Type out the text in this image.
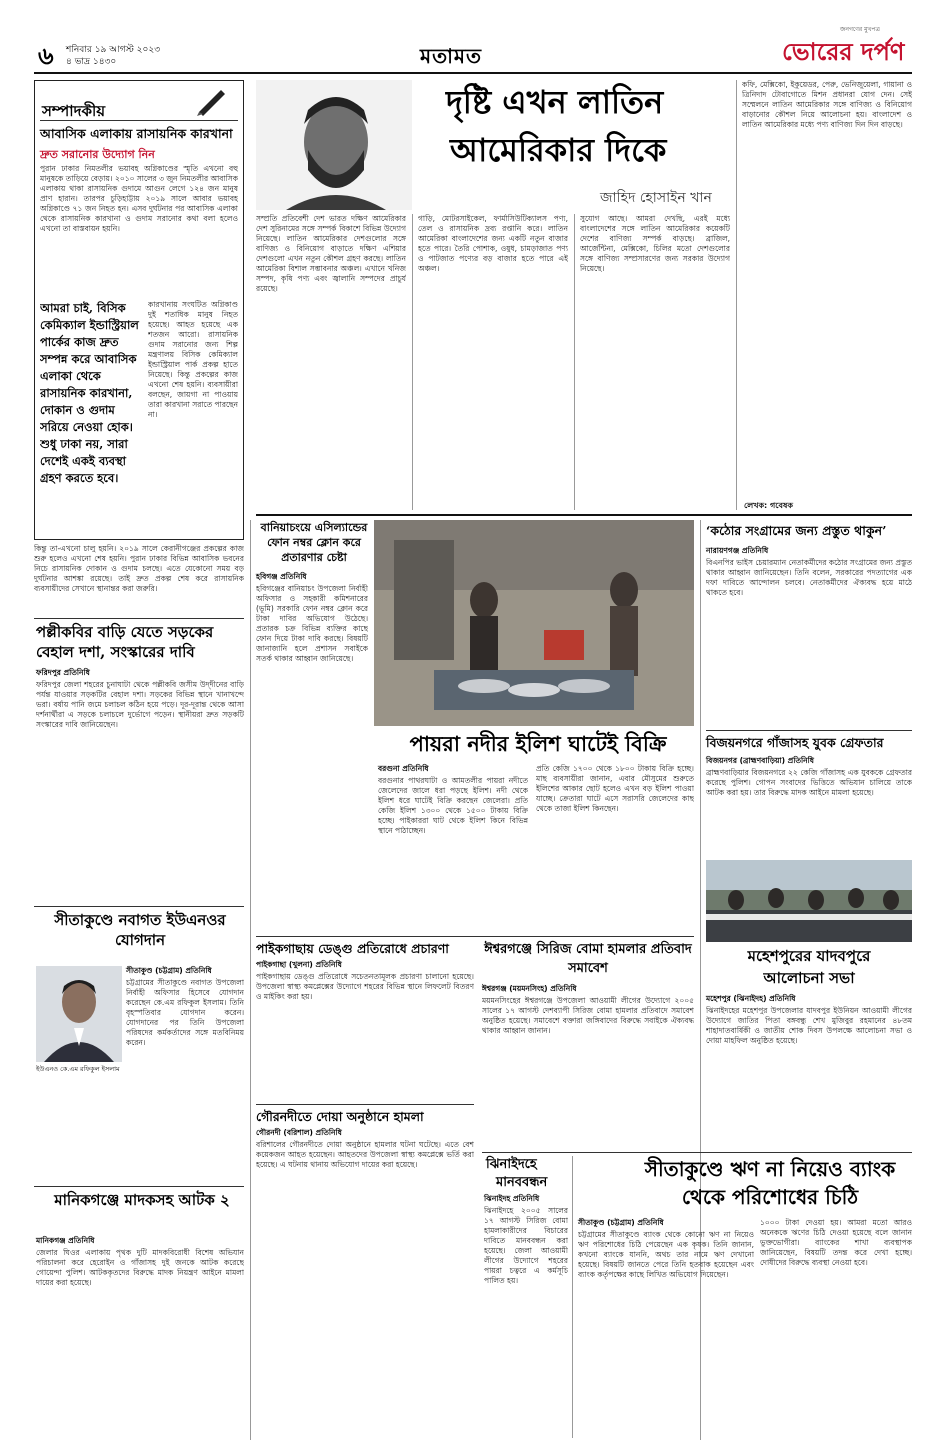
৬ শনিবার ১৯ আগস্ট ২০২৩
৪ ভাদ্র ১৪৩০	মতামত
জনগণের মুখপত্র
ভোরের দর্পণ
সম্পাদকীয়
আবাসিক এলাকায় রাসায়নিক কারখানা
দ্রুত সরানোর উদ্যোগ নিন
পুরান ঢাকার নিমতলীর ভয়াবহ অগ্নিকাণ্ডের স্মৃতি এখনো বহু মানুষকে তাড়িয়ে বেড়ায়। ২০১০ সালের ৩ জুন নিমতলীর আবাসিক এলাকায় থাকা রাসায়নিক গুদামে আগুন লেগে ১২৪ জন মানুষ প্রাণ হারান। তারপর চুড়িহাট্টায় ২০১৯ সালে আবার ভয়াবহ অগ্নিকাণ্ডে ৭১ জন নিহত হন। এসব দুর্ঘটনার পর আবাসিক এলাকা থেকে রাসায়নিক কারখানা ও গুদাম সরানোর কথা বলা হলেও এখনো তা বাস্তবায়ন হয়নি।
আমরা চাই, বিসিক কেমিক্যাল ইন্ডাস্ট্রিয়াল পার্কের কাজ দ্রুত সম্পন্ন করে আবাসিক এলাকা থেকে রাসায়নিক কারখানা, দোকান ও গুদাম সরিয়ে নেওয়া হোক। শুধু ঢাকা নয়, সারা দেশেই একই ব্যবস্থা গ্রহণ করতে হবে।
কারখানায় সংঘটিত অগ্নিকাণ্ড দুই শতাধিক মানুষ নিহত হয়েছে। আহত হয়েছে এক শতজন আরো। রাসায়নিক গুদাম সরানোর জন্য শিল্প মন্ত্রণালয় বিসিক কেমিক্যাল ইন্ডাস্ট্রিয়াল পার্ক প্রকল্প হাতে নিয়েছে। কিন্তু প্রকল্পের কাজ এখনো শেষ হয়নি। ব্যবসায়ীরা বলছেন, জায়গা না পাওয়ায় তারা কারখানা সরাতে পারছেন না।
কিন্তু তা-এখনো চালু হয়নি। ২০১৯ সালে কেরানীগঞ্জের প্রকল্পের কাজ শুরু হলেও এখনো শেষ হয়নি। পুরান ঢাকার বিভিন্ন আবাসিক ভবনের নিচে রাসায়নিক দোকান ও গুদাম চলছে। এতে যেকোনো সময় বড় দুর্ঘটনার আশঙ্কা রয়েছে। তাই দ্রুত প্রকল্প শেষ করে রাসায়নিক ব্যবসায়ীদের সেখানে স্থানান্তর করা জরুরি।
দৃষ্টি এখন লাতিন
আমেরিকার দিকে
জাহিদ হোসাইন খান
সম্প্রতি প্রতিবেশী দেশ ভারত দক্ষিণ আমেরিকার দেশ সুরিনামের সঙ্গে সম্পর্ক বিকাশে বিভিন্ন উদ্যোগ নিয়েছে। লাতিন আমেরিকার দেশগুলোর সঙ্গে বাণিজ্য ও বিনিয়োগ বাড়াতে দক্ষিণ এশিয়ার দেশগুলো এখন নতুন কৌশল গ্রহণ করছে। লাতিন আমেরিকা বিশাল সম্ভাবনার অঞ্চল। এখানে খনিজ সম্পদ, কৃষি পণ্য এবং জ্বালানি সম্পদের প্রাচুর্য রয়েছে।
গাড়ি, মোটরসাইকেল, ফার্মাসিউটিক্যালস পণ্য, তেল ও রাসায়নিক দ্রব্য রপ্তানি করে। লাতিন আমেরিকা বাংলাদেশের জন্য একটি নতুন বাজার হতে পারে। তৈরি পোশাক, ওষুধ, চামড়াজাত পণ্য ও পাটজাত পণ্যের বড় বাজার হতে পারে এই অঞ্চল।
সুযোগ আছে। আমরা দেখছি, এরই মধ্যে বাংলাদেশের সঙ্গে লাতিন আমেরিকার কয়েকটি দেশের বাণিজ্য সম্পর্ক বাড়ছে। ব্রাজিল, আর্জেন্টিনা, মেক্সিকো, চিলির মতো দেশগুলোর সঙ্গে বাণিজ্য সম্প্রসারণের জন্য সরকার উদ্যোগ নিয়েছে।
কফি, মেক্সিকো, ইকুয়েডর, পেরু, ভেনিজুয়েলা, গায়ানা ও ত্রিনিদাদ টোবাগোতে মিশন প্রধানরা যোগ দেন। সেই সম্মেলনে লাতিন আমেরিকার সঙ্গে বাণিজ্য ও বিনিয়োগ বাড়ানোর কৌশল নিয়ে আলোচনা হয়। বাংলাদেশ ও লাতিন আমেরিকার মধ্যে পণ্য বাণিজ্য দিন দিন বাড়ছে।
লেখক: গবেষক
পল্লীকবির বাড়ি যেতে সড়কের বেহাল দশা, সংস্কারের দাবি
ফরিদপুর প্রতিনিধি
ফরিদপুর জেলা শহরের চুনাঘাটা থেকে পল্লীকবি জসীম উদ্‌দীনের বাড়ি পর্যন্ত যাওয়ার সড়কটির বেহাল দশা। সড়কের বিভিন্ন স্থানে খানাখন্দে ভরা। বর্ষায় পানি জমে চলাচল কঠিন হয়ে পড়ে। দূর-দূরান্ত থেকে আসা দর্শনার্থীরা এ সড়কে চলাচলে দুর্ভোগে পড়েন। স্থানীয়রা দ্রুত সড়কটি সংস্কারের দাবি জানিয়েছেন।
সীতাকুণ্ডে নবাগত ইউএনওর যোগদান
ইউএনও কে.এম রফিকুল ইসলাম
সীতাকুণ্ড (চট্টগ্রাম) প্রতিনিধি
চট্টগ্রামের সীতাকুণ্ডে নবাগত উপজেলা নির্বাহী অফিসার হিসেবে যোগদান করেছেন কে.এম রফিকুল ইসলাম। তিনি বৃহস্পতিবার যোগদান করেন। যোগদানের পর তিনি উপজেলা পরিষদের কর্মকর্তাদের সঙ্গে মতবিনিময় করেন।
মানিকগঞ্জে মাদকসহ আটক ২
মানিকগঞ্জ প্রতিনিধি
জেলার ঘিওর এলাকায় পৃথক দুটি মাদকবিরোধী বিশেষ অভিযান পরিচালনা করে হেরোইন ও গাঁজাসহ দুই জনকে আটক করেছে গোয়েন্দা পুলিশ। আটককৃতদের বিরুদ্ধে মাদক নিয়ন্ত্রণ আইনে মামলা দায়ের করা হয়েছে।
বানিয়াচংয়ে এসিল্যান্ডের ফোন নম্বর ক্লোন করে প্রতারণার চেষ্টা
হবিগঞ্জ প্রতিনিধি
হবিগঞ্জের বানিয়াচং উপজেলা নির্বাহী অফিসার ও সহকারী কমিশনারের (ভূমি) সরকারি ফোন নম্বর ক্লোন করে টাকা দাবির অভিযোগ উঠেছে। প্রতারক চক্র বিভিন্ন ব্যক্তির কাছে ফোন দিয়ে টাকা দাবি করছে। বিষয়টি জানাজানি হলে প্রশাসন সবাইকে সতর্ক থাকার আহ্বান জানিয়েছে।
পায়রা নদীর ইলিশ ঘাটেই বিক্রি
বরগুনা প্রতিনিধি
বরগুনার পাথরঘাটা ও আমতলীর পায়রা নদীতে জেলেদের জালে ধরা পড়ছে ইলিশ। নদী থেকে ইলিশ ধরে ঘাটেই বিক্রি করছেন জেলেরা। প্রতি কেজি ইলিশ ১৩০০ থেকে ১৫০০ টাকায় বিক্রি হচ্ছে। পাইকাররা ঘাট থেকে ইলিশ কিনে বিভিন্ন স্থানে পাঠাচ্ছেন।
প্রতি কেজি ১৭০০ থেকে ১৮০০ টাকায় বিক্রি হচ্ছে। মাছ ব্যবসায়ীরা জানান, এবার মৌসুমের শুরুতে ইলিশের আকার ছোট হলেও এখন বড় ইলিশ পাওয়া যাচ্ছে। ক্রেতারা ঘাটে এসে সরাসরি জেলেদের কাছ থেকে তাজা ইলিশ কিনছেন।
পাইকগাছায় ডেঙ্গু প্রতিরোধে প্রচারণা
পাইকগাছা (খুলনা) প্রতিনিধি
পাইকগাছায় ডেঙ্গু প্রতিরোধে সচেতনতামূলক প্রচারণা চালানো হয়েছে। উপজেলা স্বাস্থ্য কমপ্লেক্সের উদ্যোগে শহরের বিভিন্ন স্থানে লিফলেট বিতরণ ও মাইকিং করা হয়।
ঈশ্বরগঞ্জে সিরিজ বোমা হামলার প্রতিবাদ সমাবেশ
ঈশ্বরগঞ্জ (ময়মনসিংহ) প্রতিনিধি
ময়মনসিংহের ঈশ্বরগঞ্জে উপজেলা আওয়ামী লীগের উদ্যোগে ২০০৫ সালের ১৭ আগস্ট দেশব্যাপী সিরিজ বোমা হামলার প্রতিবাদে সমাবেশ অনুষ্ঠিত হয়েছে। সমাবেশে বক্তারা জঙ্গিবাদের বিরুদ্ধে সবাইকে ঐক্যবদ্ধ থাকার আহ্বান জানান।
গৌরনদীতে দোয়া অনুষ্ঠানে হামলা
গৌরনদী (বরিশাল) প্রতিনিধি
বরিশালের গৌরনদীতে দোয়া অনুষ্ঠানে হামলার ঘটনা ঘটেছে। এতে বেশ কয়েকজন আহত হয়েছেন। আহতদের উপজেলা স্বাস্থ্য কমপ্লেক্সে ভর্তি করা হয়েছে। এ ঘটনায় থানায় অভিযোগ দায়ের করা হয়েছে।	ঝিনাইদহে
মানববন্ধন
ঝিনাইদহ প্রতিনিধি
ঝিনাইদহে ২০০৫ সালের ১৭ আগস্ট সিরিজ বোমা হামলাকারীদের বিচারের দাবিতে মানববন্ধন করা হয়েছে। জেলা আওয়ামী লীগের উদ্যোগে শহরের পায়রা চত্বরে এ কর্মসূচি পালিত হয়।
সীতাকুণ্ডে ঋণ না নিয়েও ব্যাংক
থেকে পরিশোধের চিঠি
সীতাকুণ্ড (চট্টগ্রাম) প্রতিনিধি
চট্টগ্রামের সীতাকুণ্ডে ব্যাংক থেকে কোনো ঋণ না নিয়েও ঋণ পরিশোধের চিঠি পেয়েছেন এক কৃষক। তিনি জানান, কখনো ব্যাংকে যাননি, অথচ তার নামে ঋণ দেখানো হয়েছে। বিষয়টি জানতে পেরে তিনি হতবাক হয়েছেন এবং ব্যাংক কর্তৃপক্ষের কাছে লিখিত অভিযোগ দিয়েছেন।
১০০০ টাকা দেওয়া হয়। আমরা মতো আরও অনেককে ঋণের চিঠি দেওয়া হয়েছে বলে জানান ভুক্তভোগীরা। ব্যাংকের শাখা ব্যবস্থাপক জানিয়েছেন, বিষয়টি তদন্ত করে দেখা হচ্ছে। দোষীদের বিরুদ্ধে ব্যবস্থা নেওয়া হবে।
‘কঠোর সংগ্রামের জন্য প্রস্তুত থাকুন’
নারায়ণগঞ্জ প্রতিনিধি
বিএনপির ভাইস চেয়ারম্যান নেতাকর্মীদের কঠোর সংগ্রামের জন্য প্রস্তুত থাকার আহ্বান জানিয়েছেন। তিনি বলেন, সরকারের পদত্যাগের এক দফা দাবিতে আন্দোলন চলবে। নেতাকর্মীদের ঐক্যবদ্ধ হয়ে মাঠে থাকতে হবে।
বিজয়নগরে গাঁজাসহ যুবক গ্রেফতার
বিজয়নগর (ব্রাহ্মণবাড়িয়া) প্রতিনিধি
ব্রাহ্মণবাড়িয়ার বিজয়নগরে ২২ কেজি গাঁজাসহ এক যুবককে গ্রেফতার করেছে পুলিশ। গোপন সংবাদের ভিত্তিতে অভিযান চালিয়ে তাকে আটক করা হয়। তার বিরুদ্ধে মাদক আইনে মামলা হয়েছে।
মহেশপুরের যাদবপুরে
আলোচনা সভা
মহেশপুর (ঝিনাইদহ) প্রতিনিধি
ঝিনাইদহের মহেশপুর উপজেলার যাদবপুর ইউনিয়ন আওয়ামী লীগের উদ্যোগে জাতির পিতা বঙ্গবন্ধু শেখ মুজিবুর রহমানের ৪৮তম শাহাদাতবার্ষিকী ও জাতীয় শোক দিবস উপলক্ষে আলোচনা সভা ও দোয়া মাহফিল অনুষ্ঠিত হয়েছে।
